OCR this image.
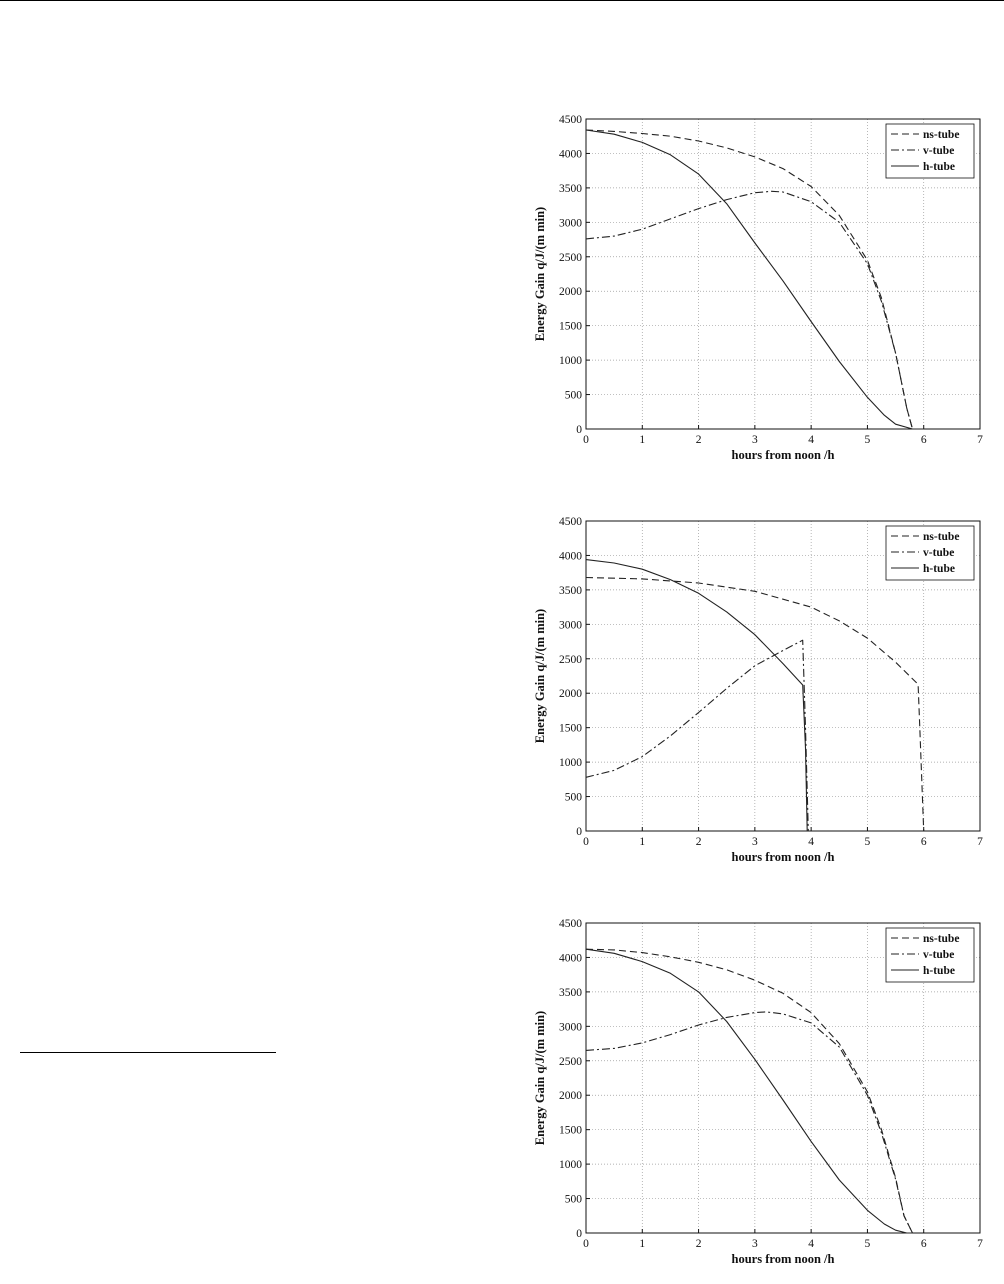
0	1	2	3	4	5	6	7
0
500
1000
1500
2000
2500
3000
3500
4000
4500
hours from noon /h
Energy Gain q/J/(m min)
ns-tube
v-tube
h-tube
0	1	2	3	4	5	6	7
0
500
1000
1500
2000
2500
3000
3500
4000
4500
hours from noon /h
Energy Gain q/J/(m min)
ns-tube
v-tube
h-tube
0	1	2	3	4	5	6	7
0
500
1000
1500
2000
2500
3000
3500
4000
4500
hours from noon /h
Energy Gain q/J/(m min)
ns-tube
v-tube
h-tube
